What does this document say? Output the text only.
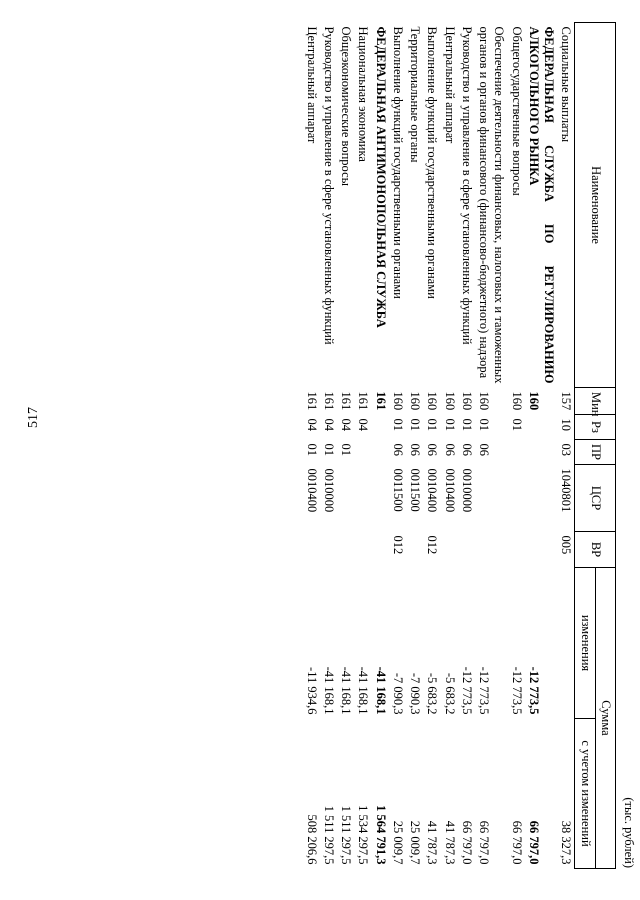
517
(тыс. рублей)
Наименование	Мин	Рз	ПР	ЦСР	ВР	Сумма	
						изменения	с учетом изменений
Социальные выплаты	157	10	03	1040801	005		38 327,3
ФЕДЕРАЛЬНАЯ СЛУЖБА ПО РЕГУЛИРОВАНИЮ АЛКОГОЛЬНОГО РЫНКА	160					-12 773,5	66 797,0
Общегосударственные вопросы	160	01				-12 773,5	66 797,0
Обеспечение деятельности финансовых, налоговых и таможенных органов и органов финансового (финансово-бюджетного) надзора	160	01	06			-12 773,5	66 797,0
Руководство и управление в сфере установленных функций	160	01	06	0010000		-12 773,5	66 797,0
Центральный аппарат	160	01	06	0010400		-5 683,2	41 787,3
Выполнение функций государственными органами	160	01	06	0010400	012	-5 683,2	41 787,3
Территориальные органы	160	01	06	0011500		-7 090,3	25 009,7
Выполнение функций государственными органами	160	01	06	0011500	012	-7 090,3	25 009,7
ФЕДЕРАЛЬНАЯ АНТИМОНОПОЛЬНАЯ СЛУЖБА	161					-41 168,1	1 564 791,3
Национальная экономика	161	04				-41 168,1	1 534 297,5
Общеэкономические вопросы	161	04	01			-41 168,1	1 511 297,5
Руководство и управление в сфере установленных функций	161	04	01	0010000		-41 168,1	1 511 297,5
Центральный аппарат	161	04	01	0010400		-11 934,6	508 206,6
